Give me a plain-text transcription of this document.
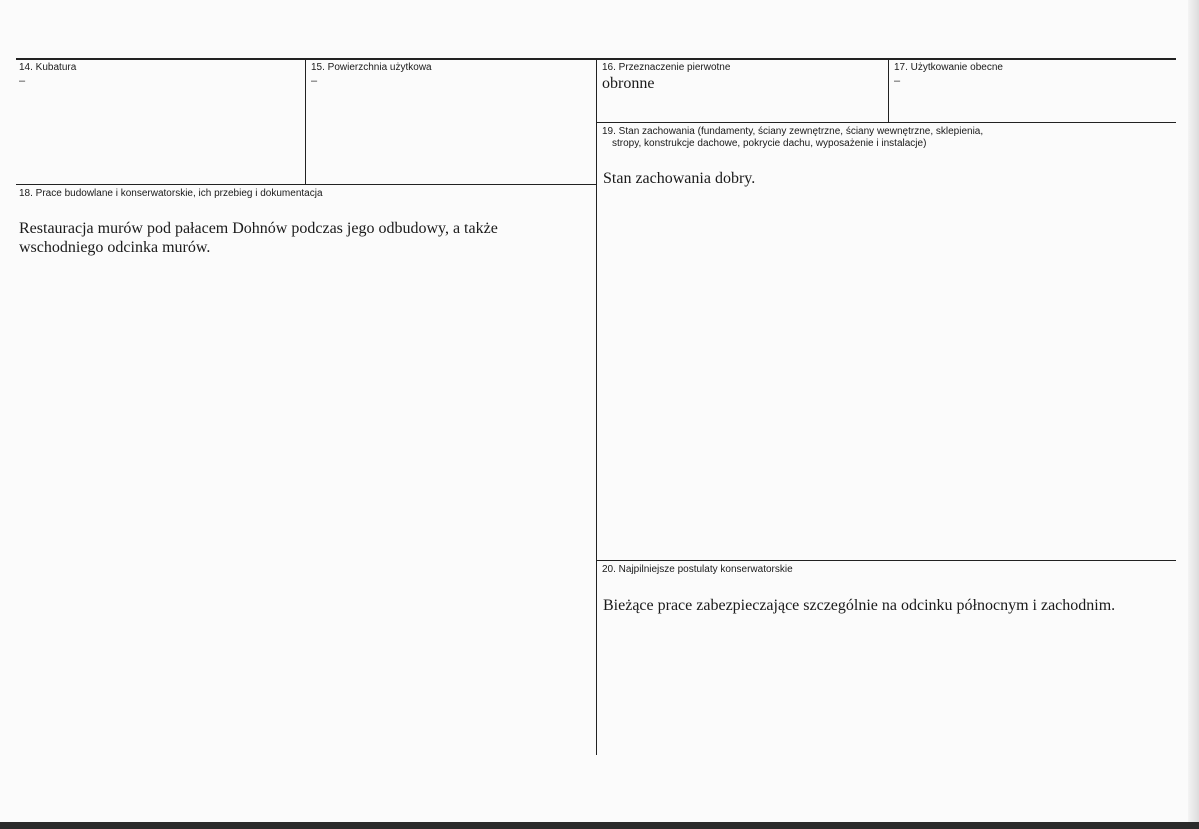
14. Kubatura
–
15. Powierzchnia użytkowa
–
16. Przeznaczenie pierwotne
obronne
17. Użytkowanie obecne
–
19. Stan zachowania (fundamenty, ściany zewnętrzne, ściany wewnętrzne, sklepienia,
stropy, konstrukcje dachowe, pokrycie dachu, wyposażenie i instalacje)
Stan zachowania dobry.
18. Prace budowlane i konserwatorskie, ich przebieg i dokumentacja
Restauracja murów pod pałacem Dohnów podczas jego odbudowy, a także
wschodniego odcinka murów.
20. Najpilniejsze postulaty konserwatorskie
Bieżące prace zabezpieczające szczególnie na odcinku północnym i zachodnim.
